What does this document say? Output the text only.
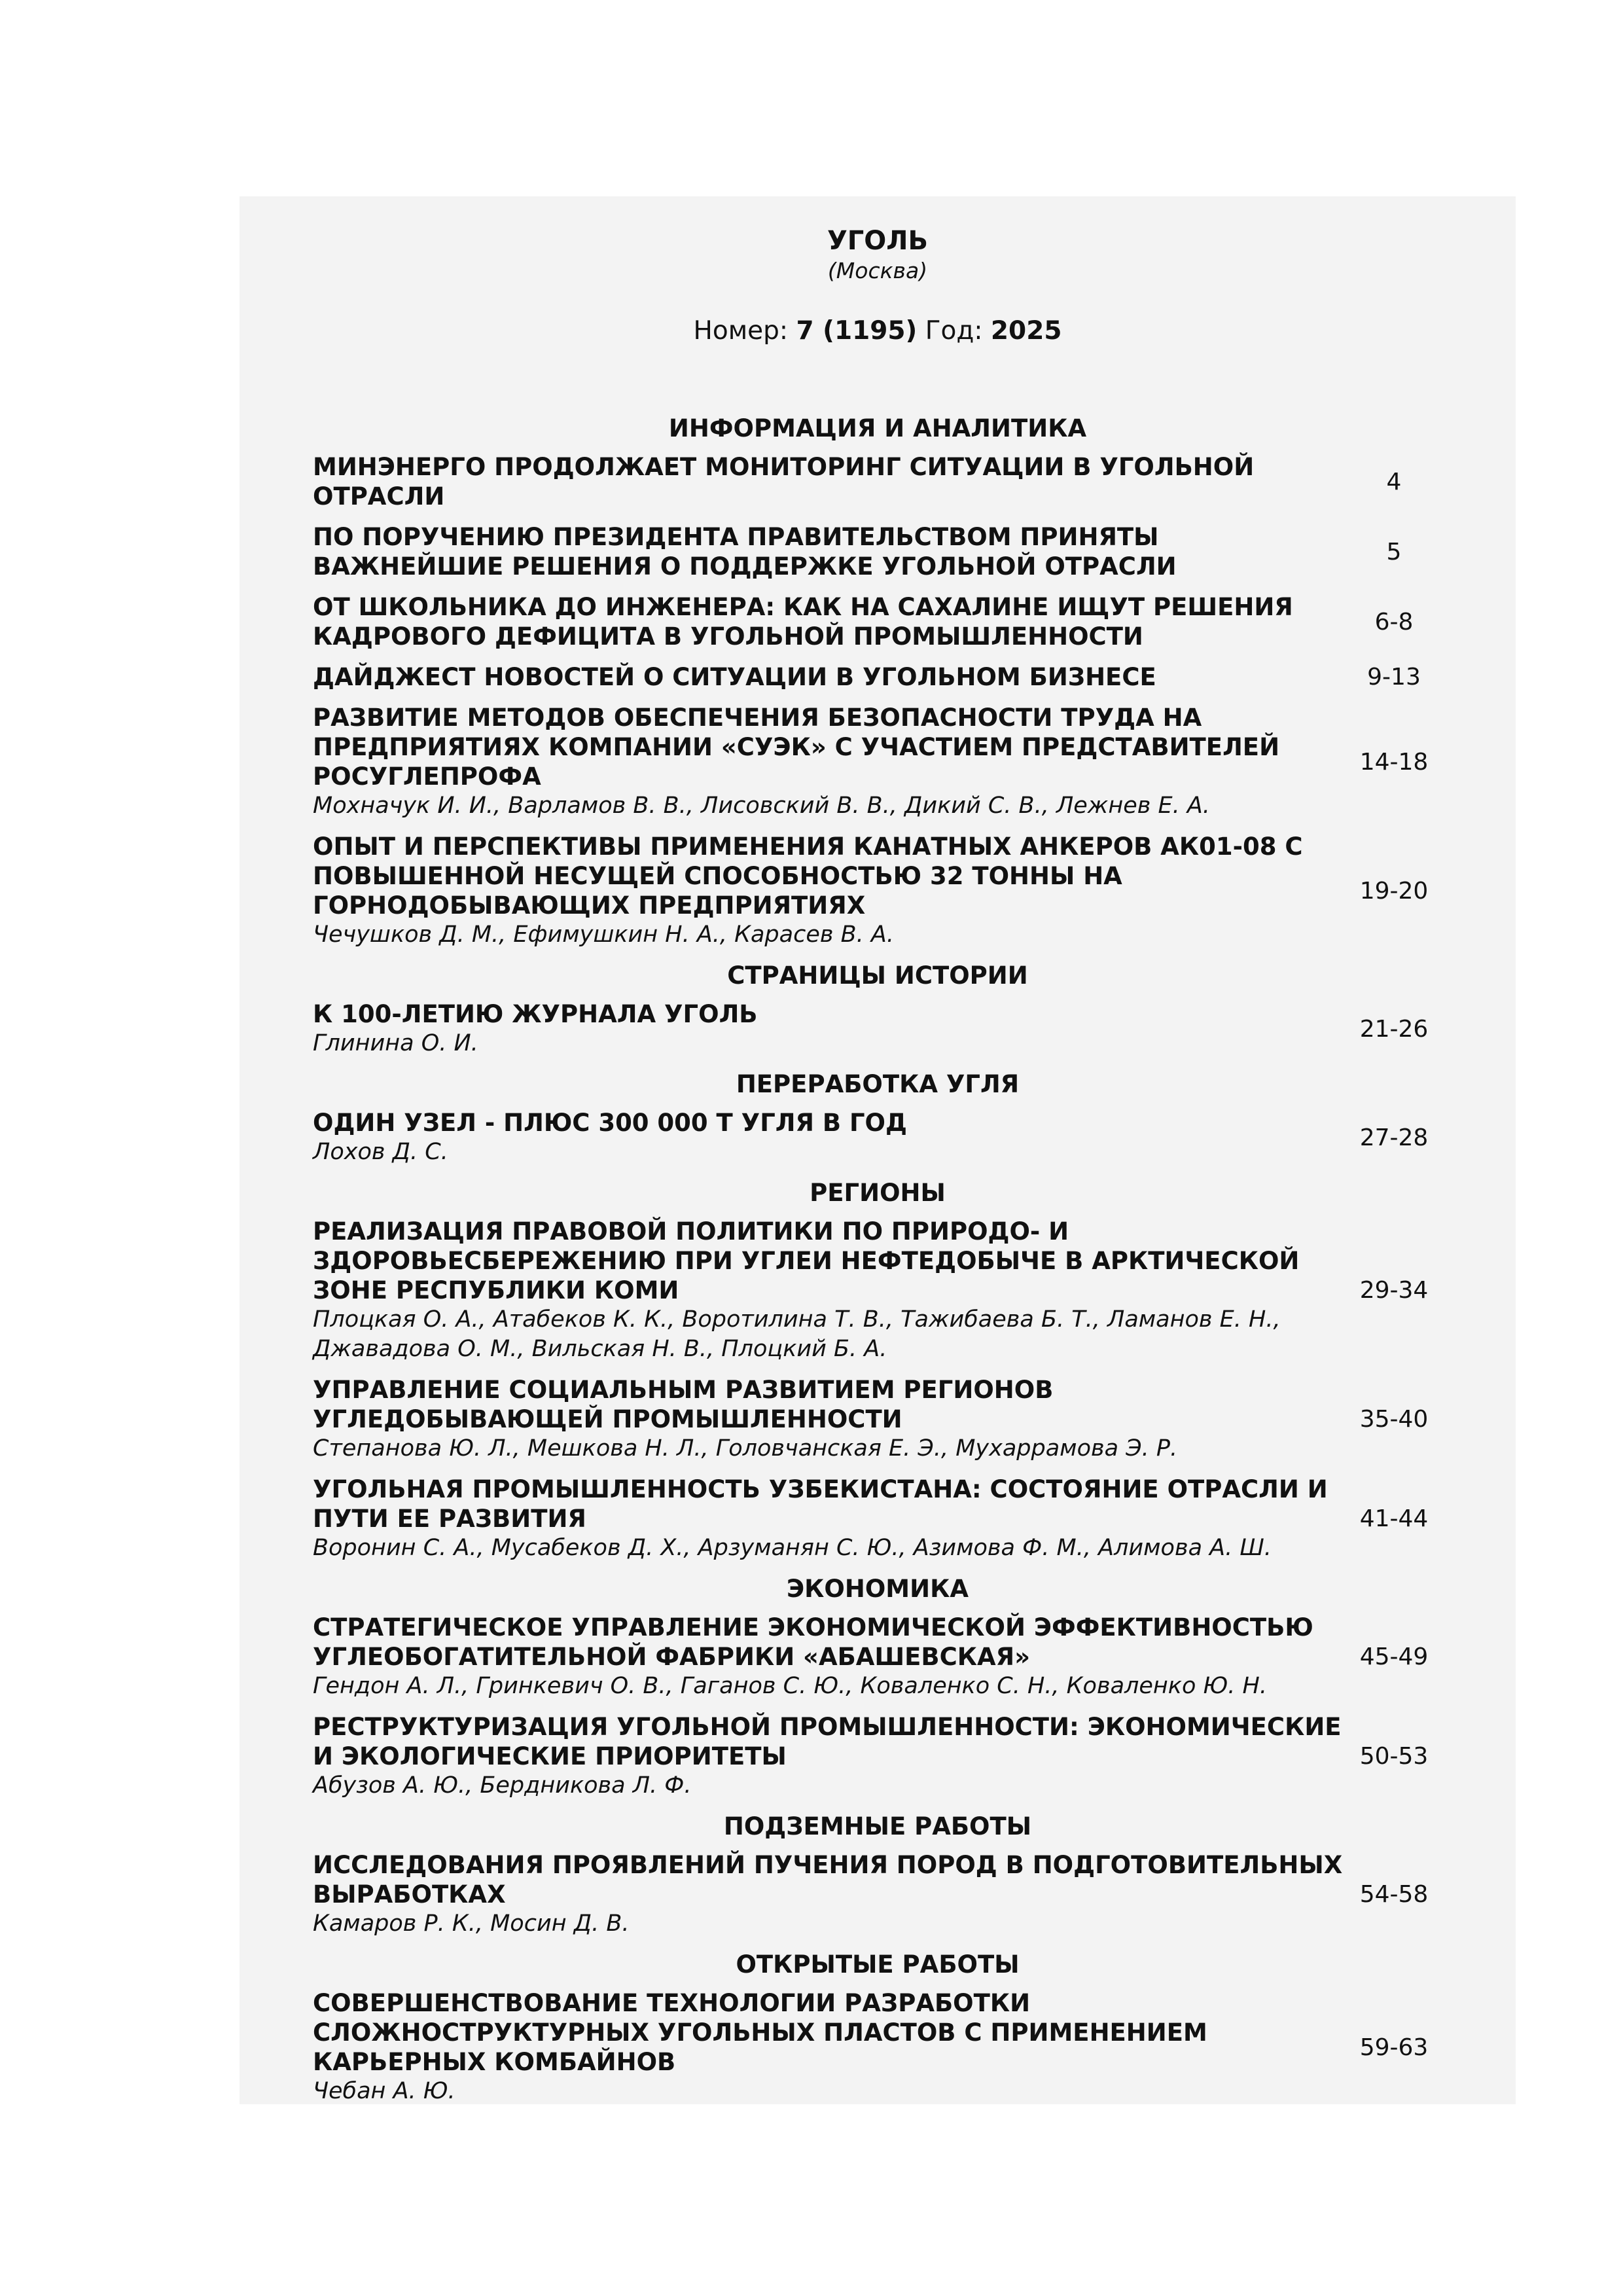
УГОЛЬ
(Москва)
Номер: 7 (1195) Год: 2025
ИНФОРМАЦИЯ И АНАЛИТИКА
МИНЭНЕРГО ПРОДОЛЖАЕТ МОНИТОРИНГ СИТУАЦИИ В УГОЛЬНОЙ ОТРАСЛИ
4
ПО ПОРУЧЕНИЮ ПРЕЗИДЕНТА ПРАВИТЕЛЬСТВОМ ПРИНЯТЫ ВАЖНЕЙШИЕ РЕШЕНИЯ О ПОДДЕРЖКЕ УГОЛЬНОЙ ОТРАСЛИ
5
ОТ ШКОЛЬНИКА ДО ИНЖЕНЕРА: КАК НА САХАЛИНЕ ИЩУТ РЕШЕНИЯ КАДРОВОГО ДЕФИЦИТА В УГОЛЬНОЙ ПРОМЫШЛЕННОСТИ
6-8
ДАЙДЖЕСТ НОВОСТЕЙ О СИТУАЦИИ В УГОЛЬНОМ БИЗНЕСЕ	9-13
РАЗВИТИЕ МЕТОДОВ ОБЕСПЕЧЕНИЯ БЕЗОПАСНОСТИ ТРУДА НА ПРЕДПРИЯТИЯХ КОМПАНИИ «СУЭК» С УЧАСТИЕМ ПРЕДСТАВИТЕЛЕЙ РОСУГЛЕПРОФА
Мохначук И. И., Варламов В. В., Лисовский В. В., Дикий С. В., Лежнев Е. А.
14-18
ОПЫТ И ПЕРСПЕКТИВЫ ПРИМЕНЕНИЯ КАНАТНЫХ АНКЕРОВ АК01-08 С ПОВЫШЕННОЙ НЕСУЩЕЙ СПОСОБНОСТЬЮ 32 ТОННЫ НА ГОРНОДОБЫВАЮЩИХ ПРЕДПРИЯТИЯХ
Чечушков Д. М., Ефимушкин Н. А., Карасев В. А.
19-20
СТРАНИЦЫ ИСТОРИИ
К 100-ЛЕТИЮ ЖУРНАЛА УГОЛЬ
Глинина О. И.
21-26
ПЕРЕРАБОТКА УГЛЯ
ОДИН УЗЕЛ - ПЛЮС 300 000 Т УГЛЯ В ГОД
Лохов Д. С.
27-28
РЕГИОНЫ
РЕАЛИЗАЦИЯ ПРАВОВОЙ ПОЛИТИКИ ПО ПРИРОДО- И ЗДОРОВЬЕСБЕРЕЖЕНИЮ ПРИ УГЛЕИ НЕФТЕДОБЫЧЕ В АРКТИЧЕСКОЙ ЗОНЕ РЕСПУБЛИКИ КОМИ
Плоцкая О. А., Атабеков К. К., Воротилина Т. В., Тажибаева Б. Т., Ламанов Е. Н., Джавадова О. М., Вильская Н. В., Плоцкий Б. А.
29-34
УПРАВЛЕНИЕ СОЦИАЛЬНЫМ РАЗВИТИЕМ РЕГИОНОВ УГЛЕДОБЫВАЮЩЕЙ ПРОМЫШЛЕННОСТИ
Степанова Ю. Л., Мешкова Н. Л., Головчанская Е. Э., Мухаррамова Э. Р.
35-40
УГОЛЬНАЯ ПРОМЫШЛЕННОСТЬ УЗБЕКИСТАНА: СОСТОЯНИЕ ОТРАСЛИ И ПУТИ ЕЕ РАЗВИТИЯ
Воронин С. А., Мусабеков Д. Х., Арзуманян С. Ю., Азимова Ф. М., Алимова А. Ш.
41-44
ЭКОНОМИКА
СТРАТЕГИЧЕСКОЕ УПРАВЛЕНИЕ ЭКОНОМИЧЕСКОЙ ЭФФЕКТИВНОСТЬЮ УГЛЕОБОГАТИТЕЛЬНОЙ ФАБРИКИ «АБАШЕВСКАЯ»
Гендон А. Л., Гринкевич О. В., Гаганов С. Ю., Коваленко С. Н., Коваленко Ю. Н.
45-49
РЕСТРУКТУРИЗАЦИЯ УГОЛЬНОЙ ПРОМЫШЛЕННОСТИ: ЭКОНОМИЧЕСКИЕ И ЭКОЛОГИЧЕСКИЕ ПРИОРИТЕТЫ
Абузов А. Ю., Бердникова Л. Ф.
50-53
ПОДЗЕМНЫЕ РАБОТЫ
ИССЛЕДОВАНИЯ ПРОЯВЛЕНИЙ ПУЧЕНИЯ ПОРОД В ПОДГОТОВИТЕЛЬНЫХ ВЫРАБОТКАХ
Камаров Р. К., Мосин Д. В.
54-58
ОТКРЫТЫЕ РАБОТЫ
СОВЕРШЕНСТВОВАНИЕ ТЕХНОЛОГИИ РАЗРАБОТКИ СЛОЖНОСТРУКТУРНЫХ УГОЛЬНЫХ ПЛАСТОВ С ПРИМЕНЕНИЕМ КАРЬЕРНЫХ КОМБАЙНОВ
Чебан А. Ю.
59-63
